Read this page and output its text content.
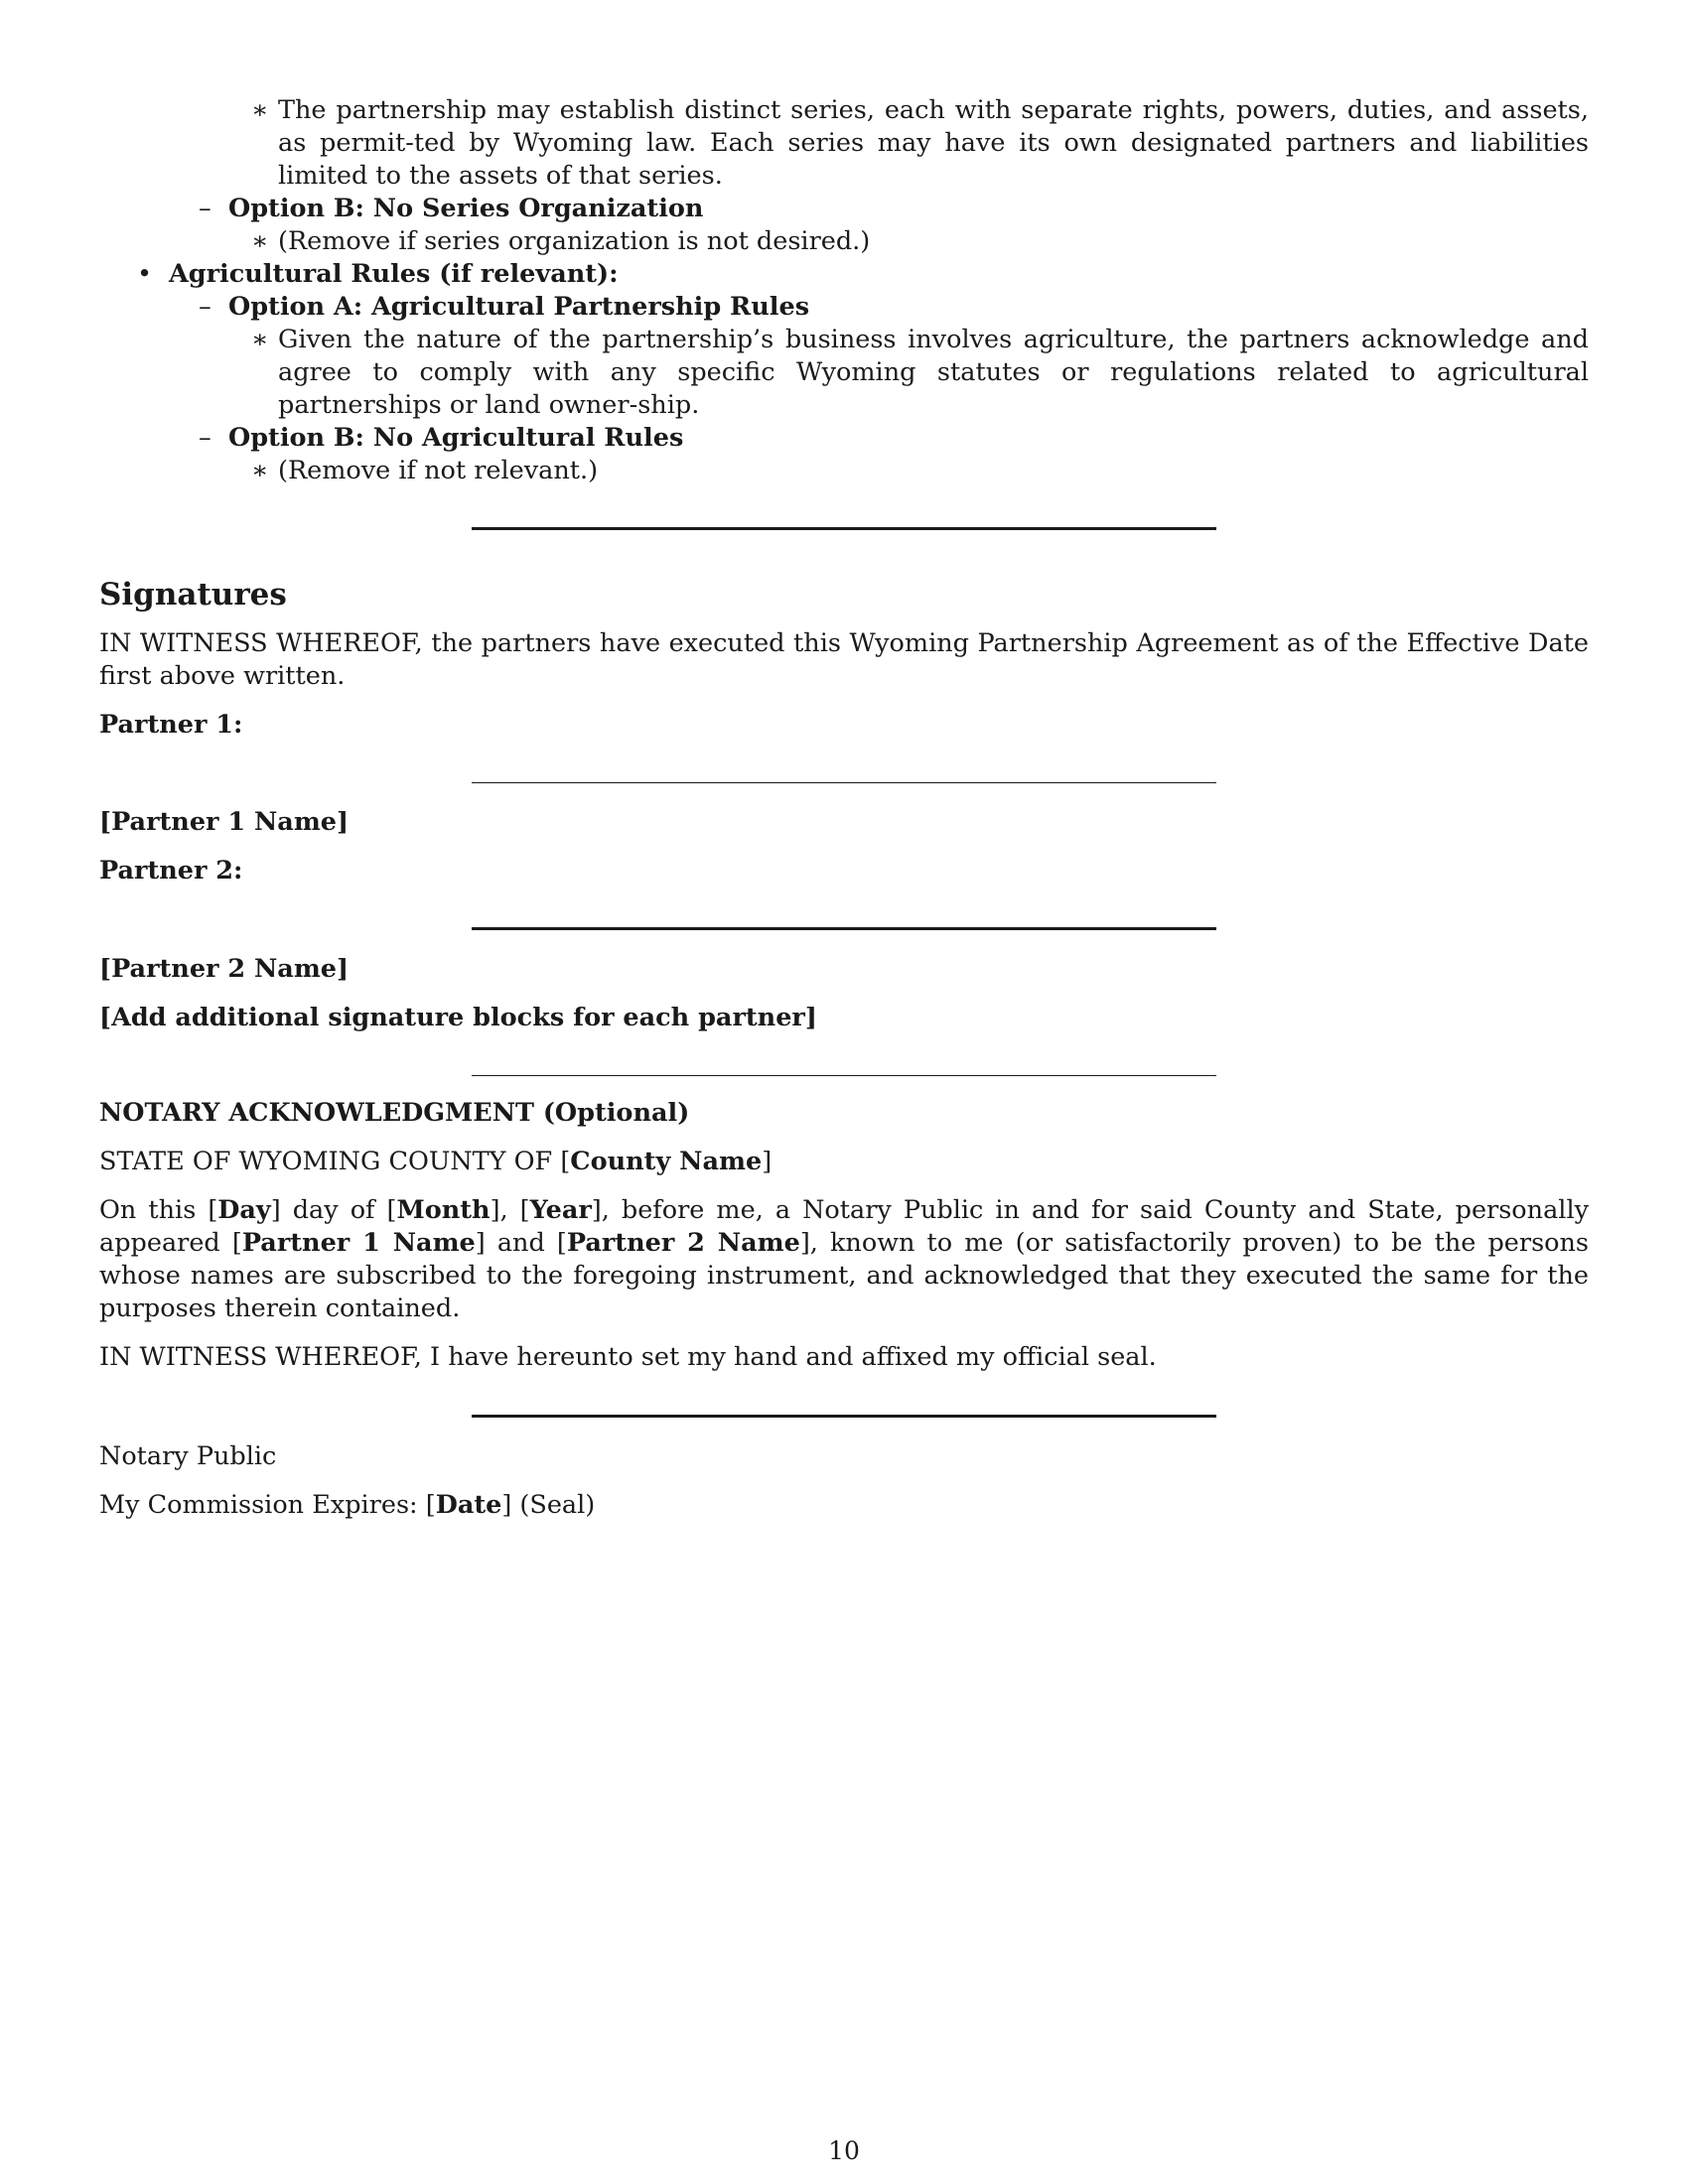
∗ The partnership may establish distinct series, each with separate rights, powers, duties, and assets, as permit-ted by Wyoming law. Each series may have its own designated partners and liabilities limited to the assets of that series.
– Option B: No Series Organization
∗ (Remove if series organization is not desired.)
• Agricultural Rules (if relevant):
– Option A: Agricultural Partnership Rules
∗ Given the nature of the partnership’s business involves agriculture, the partners acknowledge and agree to comply with any specific Wyoming statutes or regulations related to agricultural partnerships or land owner-ship.
– Option B: No Agricultural Rules
∗ (Remove if not relevant.)
Signatures

IN WITNESS WHEREOF, the partners have executed this Wyoming Partnership Agreement as of the Effective Date first above written.

Partner 1:

[Partner 1 Name]

Partner 2:

[Partner 2 Name]

[Add additional signature blocks for each partner]

NOTARY ACKNOWLEDGMENT (Optional)

STATE OF WYOMING COUNTY OF [County Name]

On this [Day] day of [Month], [Year], before me, a Notary Public in and for said County and State, personally appeared [Partner 1 Name] and [Partner 2 Name], known to me (or satisfactorily proven) to be the persons whose names are subscribed to the foregoing instrument, and acknowledged that they executed the same for the purposes therein contained.

IN WITNESS WHEREOF, I have hereunto set my hand and affixed my official seal.

Notary Public

My Commission Expires: [Date] (Seal)

10
